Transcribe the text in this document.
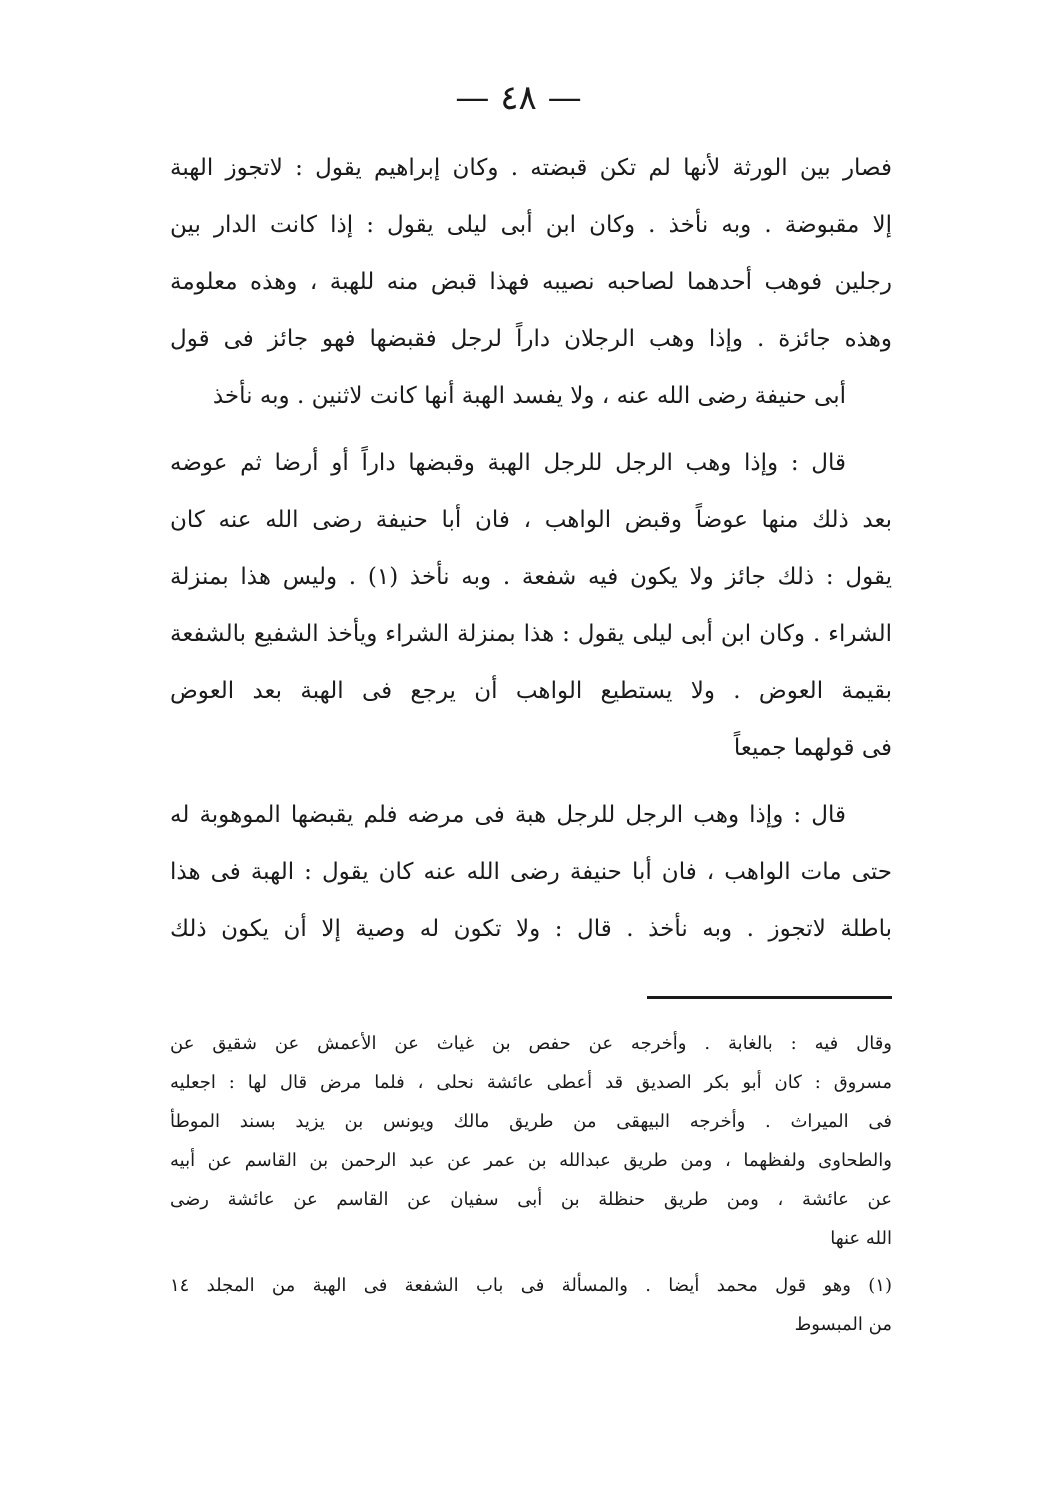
— ٤٨ —
فصار بين الورثة لأنها لم تكن قبضته . وكان إبراهيم يقول : لاتجوز الهبة
إلا مقبوضة . وبه نأخذ . وكان ابن أبى ليلى يقول : إذا كانت الدار بين
رجلين فوهب أحدهما لصاحبه نصيبه فهذا قبض منه للهبة ، وهذه معلومة
وهذه جائزة . وإذا وهب الرجلان داراً لرجل فقبضها فهو جائز فى قول
أبى حنيفة رضى الله عنه ، ولا يفسد الهبة أنها كانت لاثنين . وبه نأخذ
قال : وإذا وهب الرجل للرجل الهبة وقبضها داراً أو أرضا ثم عوضه
بعد ذلك منها عوضاً وقبض الواهب ، فان أبا حنيفة رضى الله عنه كان
يقول : ذلك جائز ولا يكون فيه شفعة . وبه نأخذ (١) . وليس هذا بمنزلة
الشراء . وكان ابن أبى ليلى يقول : هذا بمنزلة الشراء ويأخذ الشفيع بالشفعة
بقيمة العوض . ولا يستطيع الواهب أن يرجع فى الهبة بعد العوض
فى قولهما جميعاً
قال : وإذا وهب الرجل للرجل هبة فى مرضه فلم يقبضها الموهوبة له
حتى مات الواهب ، فان أبا حنيفة رضى الله عنه كان يقول : الهبة فى هذا
باطلة لاتجوز . وبه نأخذ . قال : ولا تكون له وصية إلا أن يكون ذلك
وقال فيه : بالغابة . وأخرجه عن حفص بن غياث عن الأعمش عن شقيق عن
مسروق : كان أبو بكر الصديق قد أعطى عائشة نحلى ، فلما مرض قال لها : اجعليه
فى الميراث . وأخرجه البيهقى من طريق مالك ويونس بن يزيد بسند الموطأ
والطحاوى ولفظهما ، ومن طريق عبدالله بن عمر عن عبد الرحمن بن القاسم عن أبيه
عن عائشة ، ومن طريق حنظلة بن أبى سفيان عن القاسم عن عائشة رضى
الله عنها
(١) وهو قول محمد أيضا . والمسألة فى باب الشفعة فى الهبة من المجلد ١٤
من المبسوط
